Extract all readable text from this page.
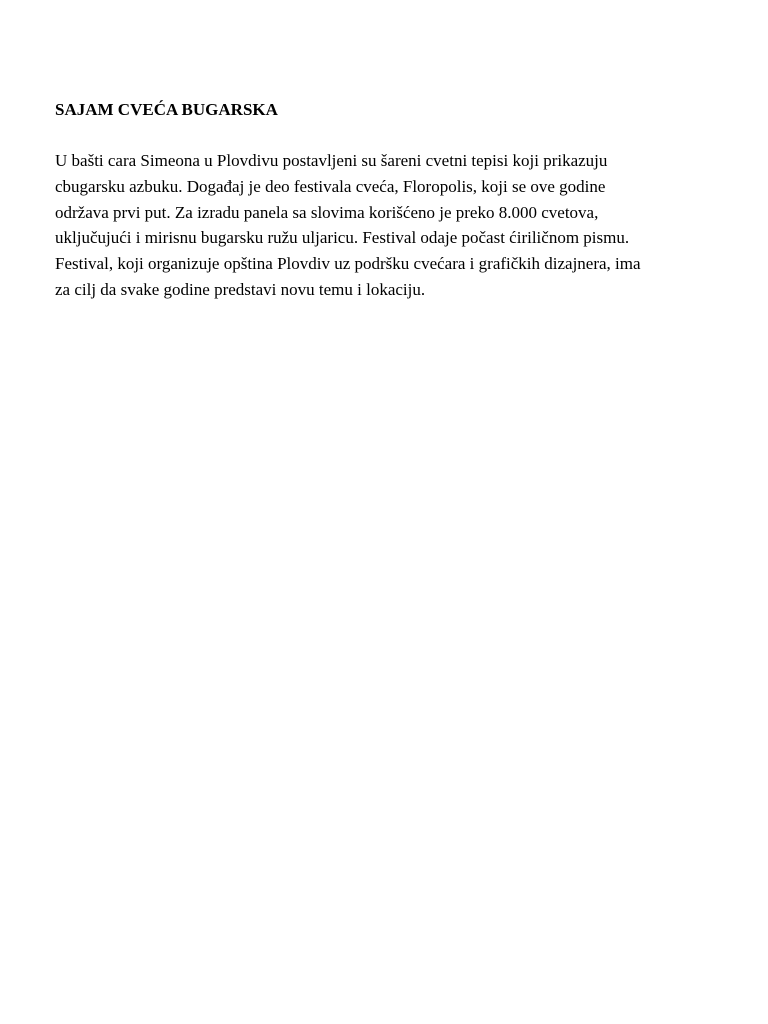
SAJAM CVEĆA BUGARSKA

U bašti cara Simeona u Plovdivu postavljeni su šareni cvetni tepisi koji prikazuju
cbugarsku azbuku. Događaj je deo festivala cveća, Floropolis, koji se ove godine
održava prvi put. Za izradu panela sa slovima korišćeno je preko 8.000 cvetova,
uključujući i mirisnu bugarsku ružu uljaricu. Festival odaje počast ćiriličnom pismu.
Festival, koji organizuje opština Plovdiv uz podršku cvećara i grafičkih dizajnera, ima
za cilj da svake godine predstavi novu temu i lokaciju.
